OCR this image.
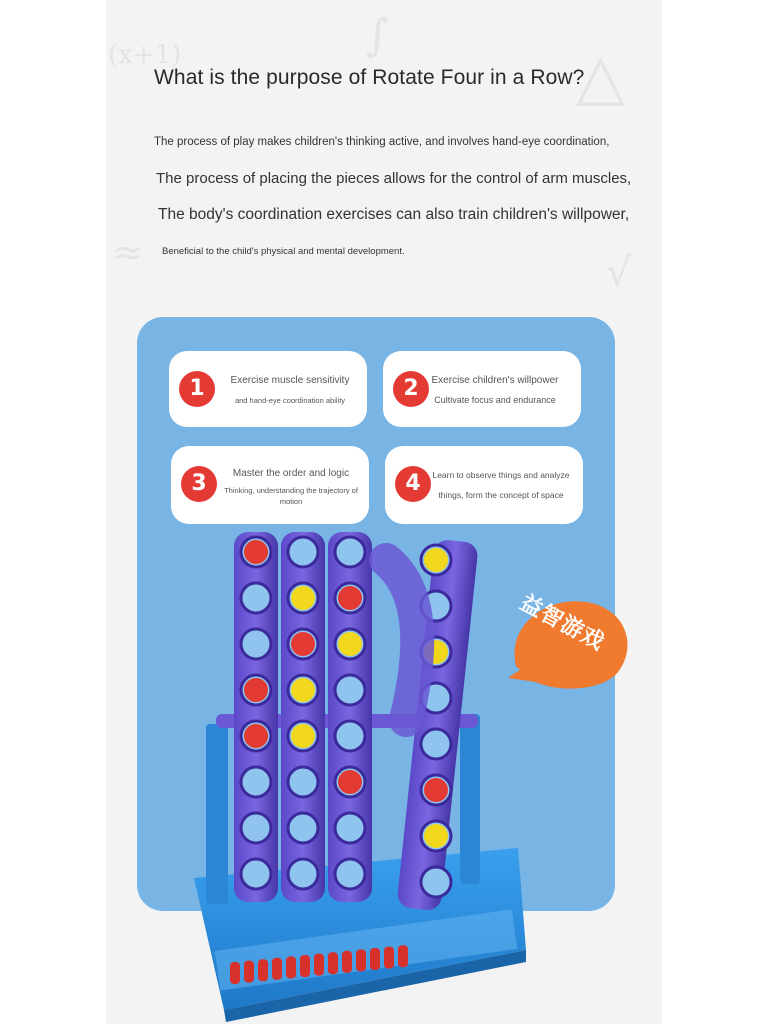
△
(x+1)	∫
√
≈
What is the purpose of Rotate Four in a Row?
The process of play makes children's thinking active, and involves hand-eye coordination,
The process of placing the pieces allows for the control of arm muscles,
The body's coordination exercises can also train children's willpower,
Beneficial to the child's physical and mental development.
1	Exercise muscle sensitivity
and hand-eye coordination ability	2	Exercise children's willpower
Cultivate focus and endurance
3	Master the order and logic
Thinking, understanding the trajectory of
motion
4	Learn to observe things and analyze
things, form the concept of space
益智游戏
